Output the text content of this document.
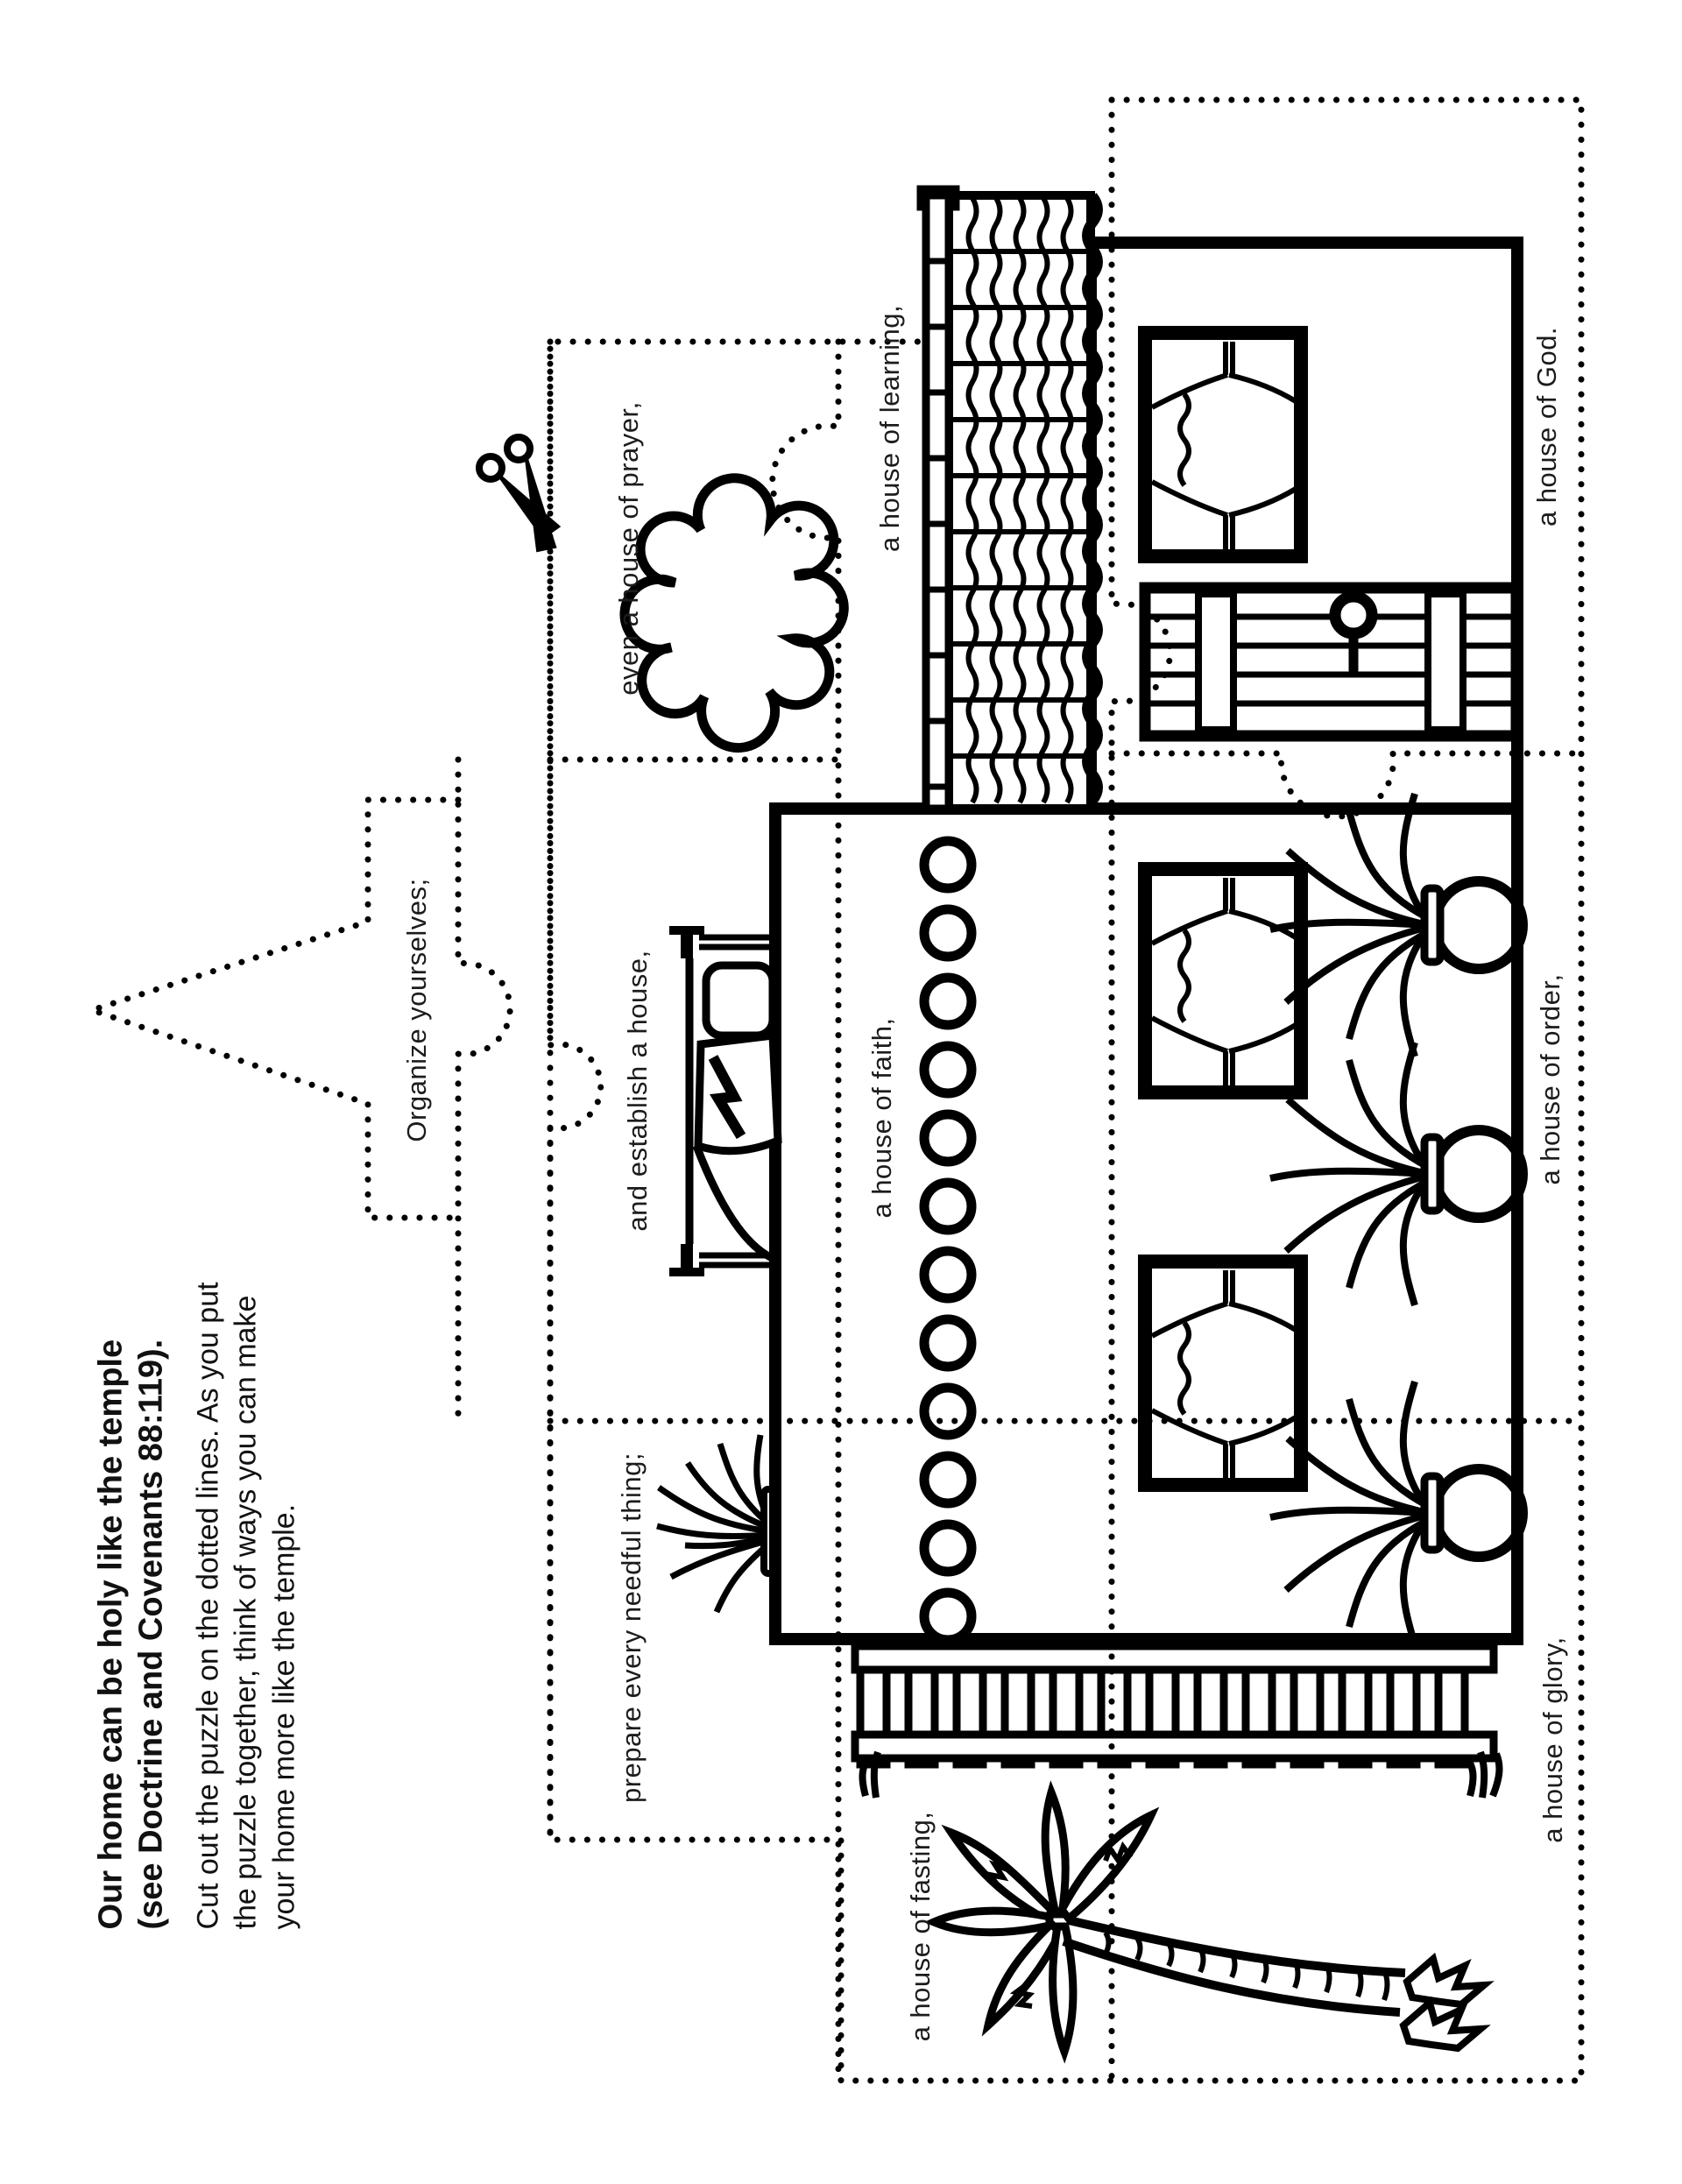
Our home can be holy like the temple (see Doctrine and Covenants 88:119). Cut out the puzzle on the dotted lines. As you put the puzzle together, think of ways you can make your home more like the temple.
Organize yourselves;	and establish a house,	a house of faith,
even a house of prayer,	a house of learning,
a house of glory,
a house of order,
a house of God.
a house of fasting,
prepare every needful thing;
